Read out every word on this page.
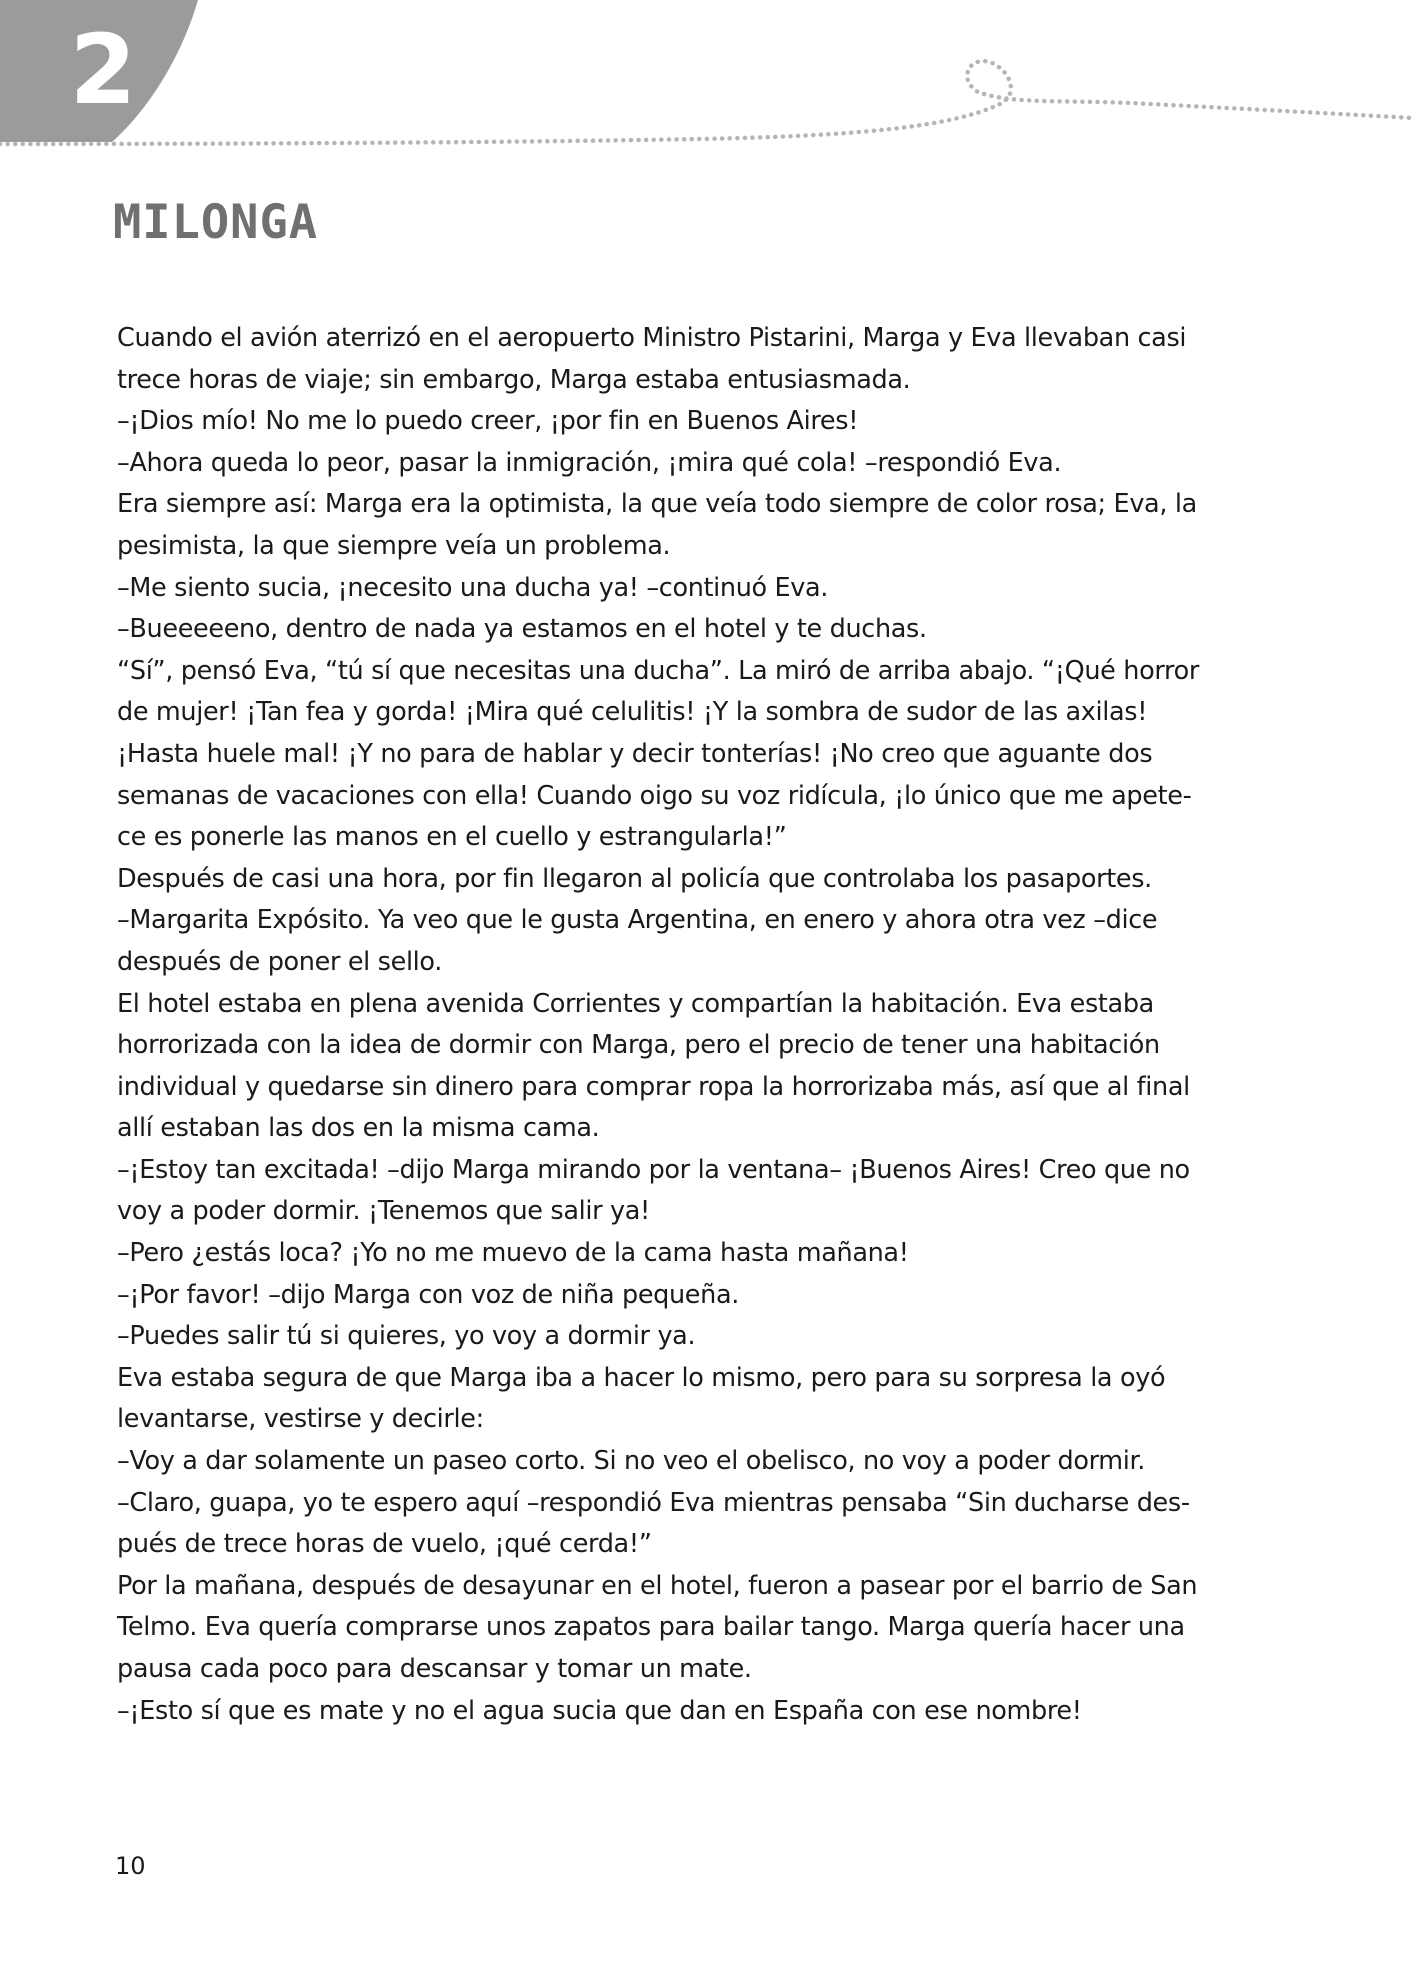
2
MILONGA

Cuando el avión aterrizó en el aeropuerto Ministro Pistarini, Marga y Eva llevaban casi

trece horas de viaje; sin embargo, Marga estaba entusiasmada.

–¡Dios mío! No me lo puedo creer, ¡por fin en Buenos Aires!

–Ahora queda lo peor, pasar la inmigración, ¡mira qué cola! –respondió Eva.

Era siempre así: Marga era la optimista, la que veía todo siempre de color rosa; Eva, la

pesimista, la que siempre veía un problema.

–Me siento sucia, ¡necesito una ducha ya! –continuó Eva.

–Bueeeeeno, dentro de nada ya estamos en el hotel y te duchas.

“Sí”, pensó Eva, “tú sí que necesitas una ducha”. La miró de arriba abajo. “¡Qué horror

de mujer! ¡Tan fea y gorda! ¡Mira qué celulitis! ¡Y la sombra de sudor de las axilas!

¡Hasta huele mal! ¡Y no para de hablar y decir tonterías! ¡No creo que aguante dos

semanas de vacaciones con ella! Cuando oigo su voz ridícula, ¡lo único que me apete-

ce es ponerle las manos en el cuello y estrangularla!”

Después de casi una hora, por fin llegaron al policía que controlaba los pasaportes.

–Margarita Expósito. Ya veo que le gusta Argentina, en enero y ahora otra vez –dice

después de poner el sello.

El hotel estaba en plena avenida Corrientes y compartían la habitación. Eva estaba

horrorizada con la idea de dormir con Marga, pero el precio de tener una habitación

individual y quedarse sin dinero para comprar ropa la horrorizaba más, así que al final

allí estaban las dos en la misma cama.

–¡Estoy tan excitada! –dijo Marga mirando por la ventana– ¡Buenos Aires! Creo que no

voy a poder dormir. ¡Tenemos que salir ya!

–Pero ¿estás loca? ¡Yo no me muevo de la cama hasta mañana!

–¡Por favor! –dijo Marga con voz de niña pequeña.

–Puedes salir tú si quieres, yo voy a dormir ya.

Eva estaba segura de que Marga iba a hacer lo mismo, pero para su sorpresa la oyó

levantarse, vestirse y decirle:

–Voy a dar solamente un paseo corto. Si no veo el obelisco, no voy a poder dormir.

–Claro, guapa, yo te espero aquí –respondió Eva mientras pensaba “Sin ducharse des-

pués de trece horas de vuelo, ¡qué cerda!”

Por la mañana, después de desayunar en el hotel, fueron a pasear por el barrio de San

Telmo. Eva quería comprarse unos zapatos para bailar tango. Marga quería hacer una

pausa cada poco para descansar y tomar un mate.

–¡Esto sí que es mate y no el agua sucia que dan en España con ese nombre!

10
